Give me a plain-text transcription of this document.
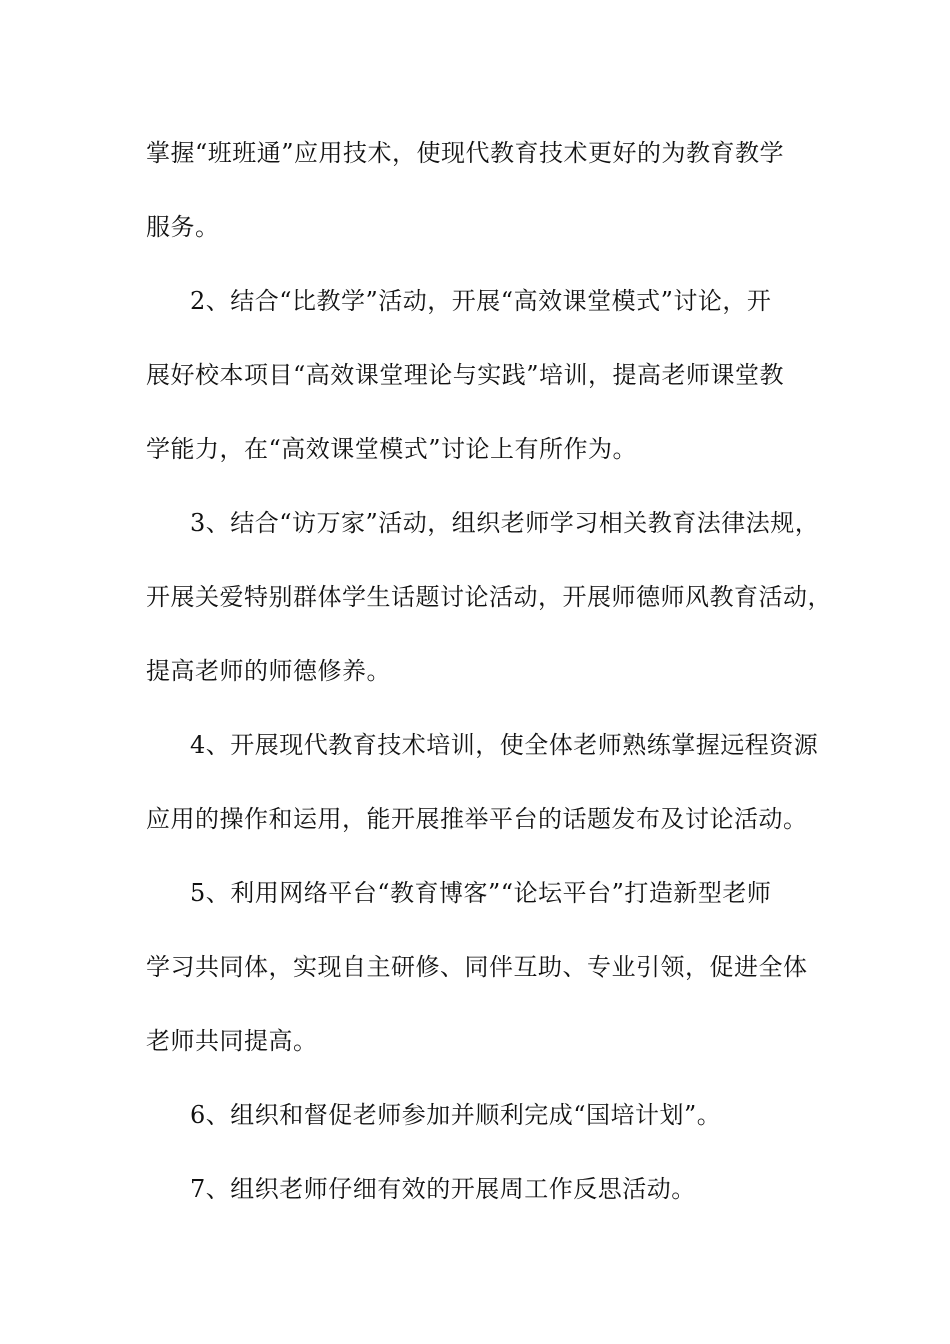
掌握“班班通”应用技术，使现代教育技术更好的为教育教学
服务。
2、结合“比教学”活动，开展“高效课堂模式”讨论，开
展好校本项目“高效课堂理论与实践”培训，提高老师课堂教
学能力，在“高效课堂模式”讨论上有所作为。
3、结合“访万家”活动，组织老师学习相关教育法律法规，
开展关爱特别群体学生话题讨论活动，开展师德师风教育活动，
提高老师的师德修养。
4、开展现代教育技术培训，使全体老师熟练掌握远程资源
应用的操作和运用，能开展推举平台的话题发布及讨论活动。
5、利用网络平台“教育博客”“论坛平台”打造新型老师
学习共同体，实现自主研修、同伴互助、专业引领，促进全体
老师共同提高。
6、组织和督促老师参加并顺利完成“国培计划”。
7、组织老师仔细有效的开展周工作反思活动。
